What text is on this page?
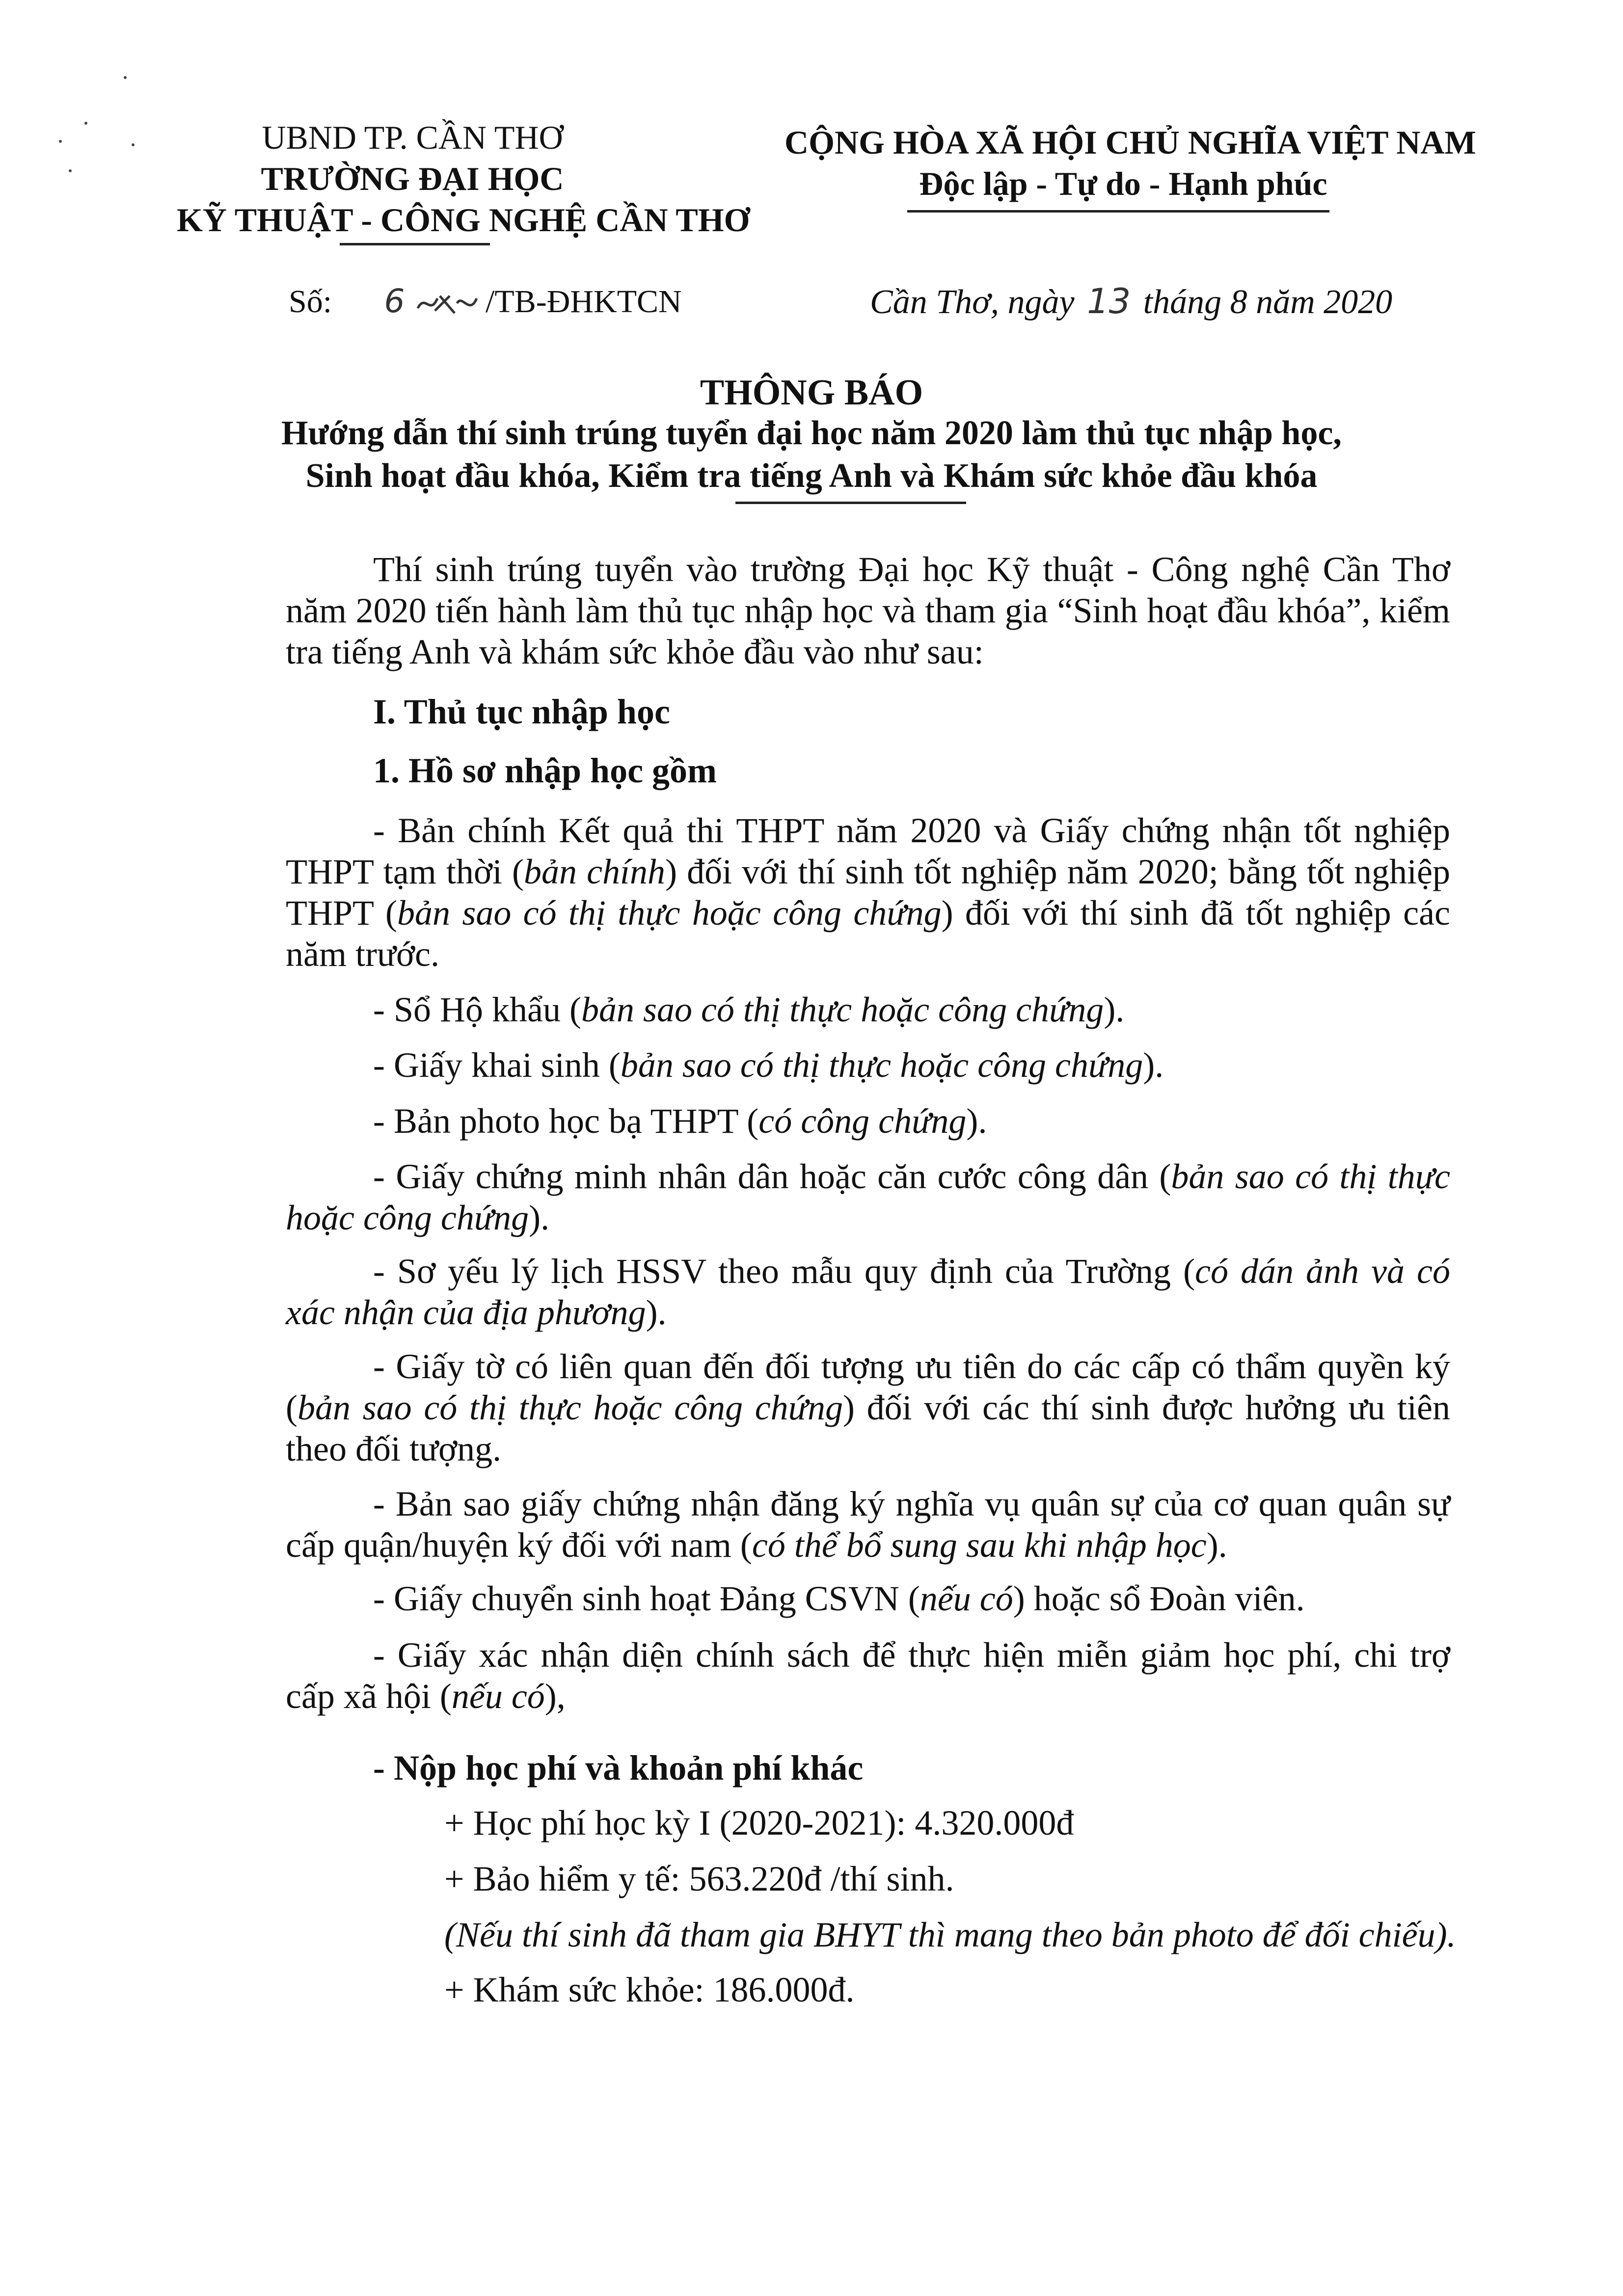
UBND TP. CẦN THƠ
TRƯỜNG ĐẠI HỌC
KỸ THUẬT - CÔNG NGHỆ CẦN THƠ
CỘNG HÒA XÃ HỘI CHỦ NGHĨA VIỆT NAM
Độc lập - Tự do - Hạnh phúc
Số: 6 /TB-ĐHKTCN	Cần Thơ, ngày 13 tháng 8 năm 2020
THÔNG BÁO
Hướng dẫn thí sinh trúng tuyển đại học năm 2020 làm thủ tục nhập học,
Sinh hoạt đầu khóa, Kiểm tra tiếng Anh và Khám sức khỏe đầu khóa
Thí sinh trúng tuyển vào trường Đại học Kỹ thuật - Công nghệ Cần Thơ năm 2020 tiến hành làm thủ tục nhập học và tham gia “Sinh hoạt đầu khóa”, kiểm tra tiếng Anh và khám sức khỏe đầu vào như sau:
I. Thủ tục nhập học
1. Hồ sơ nhập học gồm
- Bản chính Kết quả thi THPT năm 2020 và Giấy chứng nhận tốt nghiệp THPT tạm thời (bản chính) đối với thí sinh tốt nghiệp năm 2020; bằng tốt nghiệp THPT (bản sao có thị thực hoặc công chứng) đối với thí sinh đã tốt nghiệp các năm trước.
- Sổ Hộ khẩu (bản sao có thị thực hoặc công chứng).
- Giấy khai sinh (bản sao có thị thực hoặc công chứng).
- Bản photo học bạ THPT (có công chứng).
- Giấy chứng minh nhân dân hoặc căn cước công dân (bản sao có thị thực hoặc công chứng).
- Sơ yếu lý lịch HSSV theo mẫu quy định của Trường (có dán ảnh và có xác nhận của địa phương).
- Giấy tờ có liên quan đến đối tượng ưu tiên do các cấp có thẩm quyền ký (bản sao có thị thực hoặc công chứng) đối với các thí sinh được hưởng ưu tiên theo đối tượng.
- Bản sao giấy chứng nhận đăng ký nghĩa vụ quân sự của cơ quan quân sự cấp quận/huyện ký đối với nam (có thể bổ sung sau khi nhập học).
- Giấy chuyển sinh hoạt Đảng CSVN (nếu có) hoặc sổ Đoàn viên.
- Giấy xác nhận diện chính sách để thực hiện miễn giảm học phí, chi trợ cấp xã hội (nếu có),
- Nộp học phí và khoản phí khác
+ Học phí học kỳ I (2020-2021): 4.320.000đ
+ Bảo hiểm y tế: 563.220đ /thí sinh.
(Nếu thí sinh đã tham gia BHYT thì mang theo bản photo để đối chiếu).
+ Khám sức khỏe: 186.000đ.
